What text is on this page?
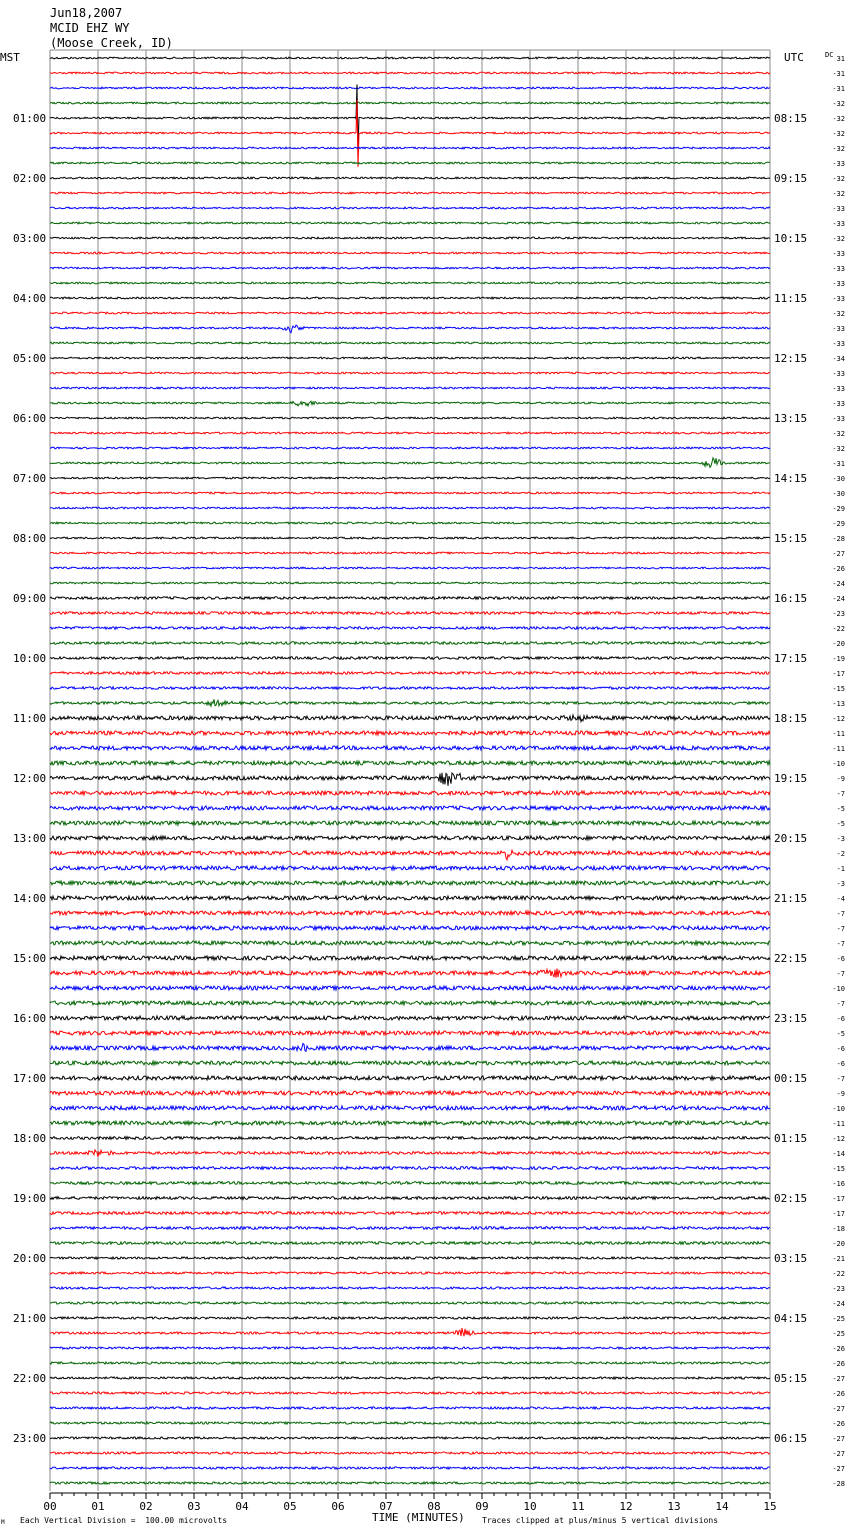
00	01	02	03	04	05	06	07	08	09	10	11	12	13	14	15
31
-31
-31
-32
-32
-32
-32
-33
-32
-32
-33
-33
-32
-33
-33
-33
-33
-32
-33
-33
-34
-33
-33
-33
-33
-32
-32
-31
-30
-30
-29
-29
-28
-27
-26
-24
-24
-23
-22
-20
-19
-17
-15
-13
-12
-11
-11
-10
-9
-7
-5
-5
-3
-2
-1
-3
-4
-7
-7
-7
-6
-7
-10
-7
-6
-5
-6
-6
-7
-9
-10
-11
-12
-14
-15
-16
-17
-17
-18
-20
-21
-22
-23
-24
-25
-25
-26
-26
-27
-26
-27
-26
-27
-27
-27
-28
01:00
02:00
03:00
04:00
05:00
06:00
07:00
08:00
09:00
10:00
11:00
12:00
13:00
14:00
15:00
16:00
17:00
18:00
19:00
20:00
21:00
22:00
23:00
08:15
09:15
10:15
11:15
12:15
13:15
14:15
15:15
16:15
17:15
18:15
19:15
20:15
21:15
22:15
23:15
00:15
01:15
02:15
03:15
04:15
05:15
06:15
Jun18,2007
MCID EHZ WY
(Moose Creek, ID)
MST	UTC	DC
TIME (MINUTES)
Each Vertical Division =  100.00 microvolts	Traces clipped at plus/minus 5 vertical divisions
M
